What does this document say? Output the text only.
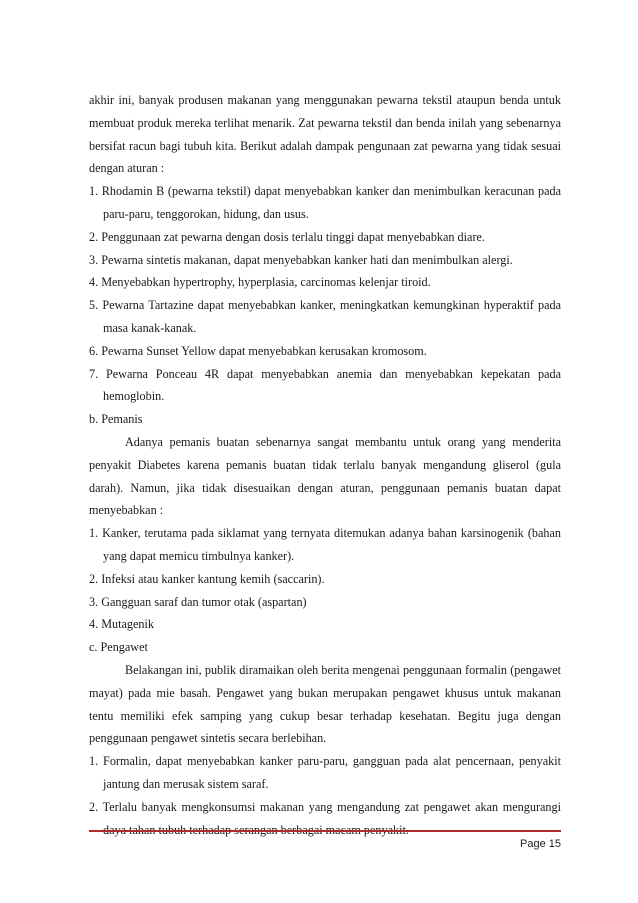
akhir ini, banyak produsen makanan yang menggunakan pewarna tekstil ataupun benda untuk membuat produk mereka terlihat menarik. Zat pewarna tekstil dan benda inilah yang sebenarnya bersifat racun bagi tubuh kita. Berikut adalah dampak pengunaan zat pewarna yang tidak sesuai dengan aturan :

1. Rhodamin B (pewarna tekstil) dapat menyebabkan kanker dan menimbulkan keracunan pada paru-paru, tenggorokan, hidung, dan usus.

2. Penggunaan zat pewarna dengan dosis terlalu tinggi dapat menyebabkan diare.

3. Pewarna sintetis makanan, dapat menyebabkan kanker hati dan menimbulkan alergi.

4. Menyebabkan hypertrophy, hyperplasia, carcinomas kelenjar tiroid.

5. Pewarna Tartazine dapat menyebabkan kanker, meningkatkan kemungkinan hyperaktif pada masa kanak-kanak.

6. Pewarna Sunset Yellow dapat menyebabkan kerusakan kromosom.

7. Pewarna Ponceau 4R dapat menyebabkan anemia dan menyebabkan kepekatan pada hemoglobin.

b. Pemanis

Adanya pemanis buatan sebenarnya sangat membantu untuk orang yang menderita penyakit Diabetes karena pemanis buatan tidak terlalu banyak mengandung gliserol (gula darah). Namun, jika tidak disesuaikan dengan aturan, penggunaan pemanis buatan dapat menyebabkan :

1. Kanker, terutama pada siklamat yang ternyata ditemukan adanya bahan karsinogenik (bahan yang dapat memicu timbulnya kanker).

2. Infeksi atau kanker kantung kemih (saccarin).

3. Gangguan saraf dan tumor otak (aspartan)

4. Mutagenik

c. Pengawet

Belakangan ini, publik diramaikan oleh berita mengenai penggunaan formalin (pengawet mayat) pada mie basah. Pengawet yang bukan merupakan pengawet khusus untuk makanan tentu memiliki efek samping yang cukup besar terhadap kesehatan. Begitu juga dengan penggunaan pengawet sintetis secara berlebihan.

1. Formalin, dapat menyebabkan kanker paru-paru, gangguan pada alat pencernaan, penyakit jantung dan merusak sistem saraf.

2. Terlalu banyak mengkonsumsi makanan yang mengandung zat pengawet akan mengurangi

Page 15
